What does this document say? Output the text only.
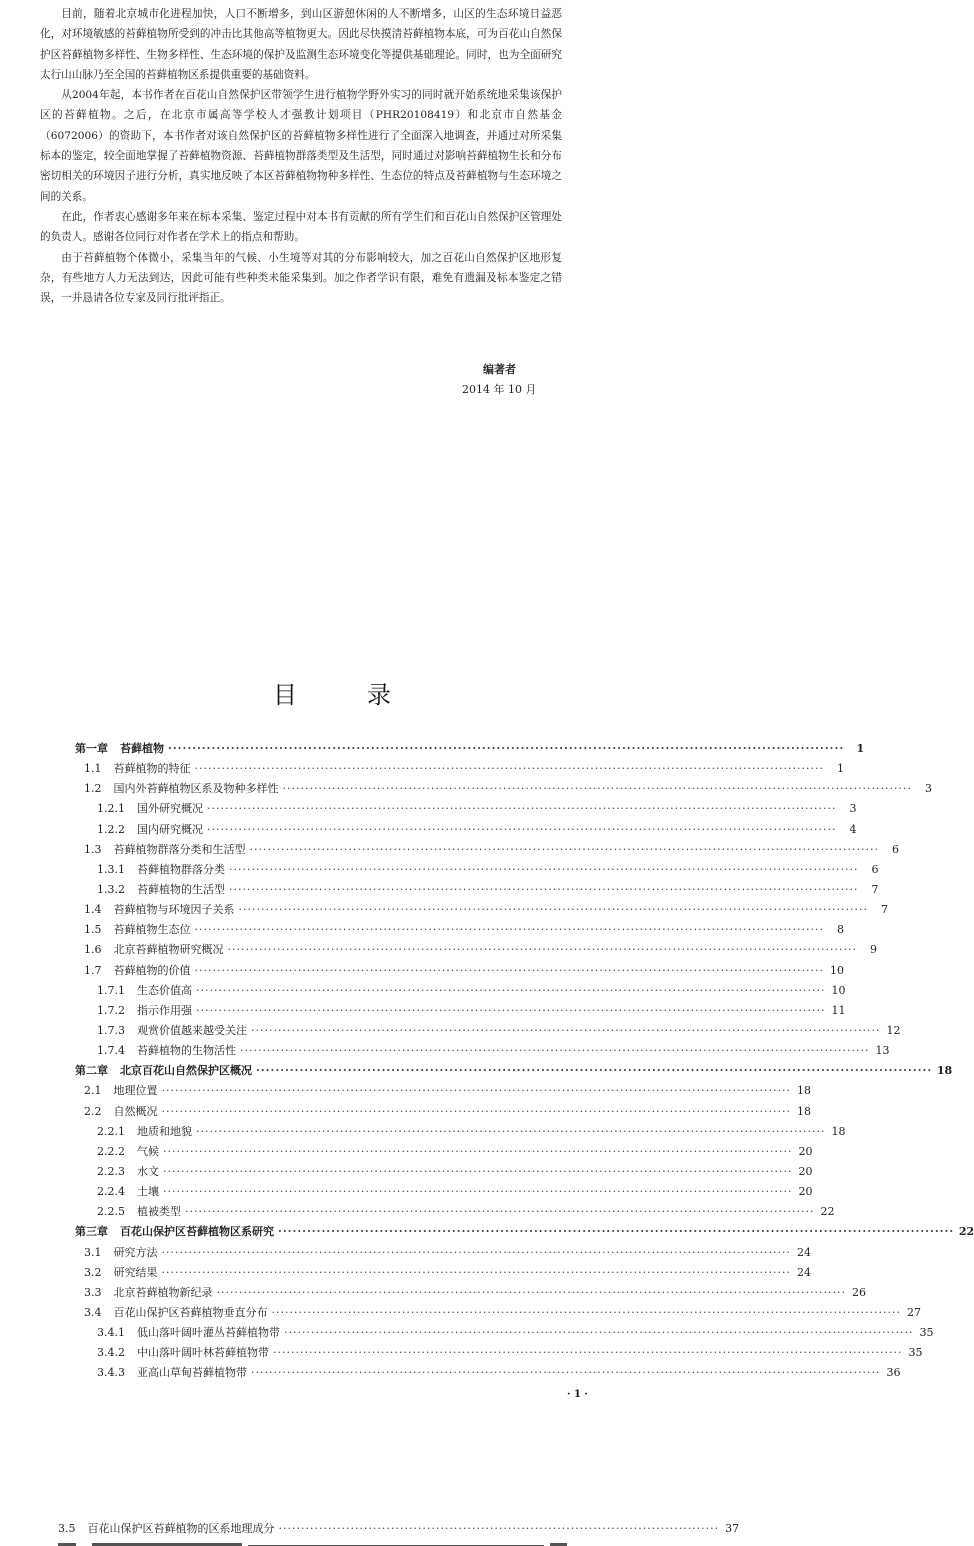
目前，随着北京城市化进程加快，人口不断增多，到山区游憩休闲的人不断增多，山区的生态环境日益恶化，对环境敏感的苔藓植物所受到的冲击比其他高等植物更大。因此尽快摸清苔藓植物本底，可为百花山自然保护区苔藓植物多样性、生物多样性、生态环境的保护及监测生态环境变化等提供基础理论。同时，也为全面研究太行山山脉乃至全国的苔藓植物区系提供重要的基础资料。

从2004年起，本书作者在百花山自然保护区带领学生进行植物学野外实习的同时就开始系统地采集该保护区的苔藓植物。之后，在北京市属高等学校人才强教计划项目（PHR20108419）和北京市自然基金（6072006）的资助下，本书作者对该自然保护区的苔藓植物多样性进行了全面深入地调查，并通过对所采集标本的鉴定，较全面地掌握了苔藓植物资源、苔藓植物群落类型及生活型，同时通过对影响苔藓植物生长和分布密切相关的环境因子进行分析，真实地反映了本区苔藓植物物种多样性、生态位的特点及苔藓植物与生态环境之间的关系。

在此，作者衷心感谢多年来在标本采集、鉴定过程中对本书有贡献的所有学生们和百花山自然保护区管理处的负责人。感谢各位同行对作者在学术上的指点和帮助。

由于苔藓植物个体微小，采集当年的气候、小生境等对其的分布影响较大，加之百花山自然保护区地形复杂，有些地方人力无法到达，因此可能有些种类未能采集到。加之作者学识有限，难免有遗漏及标本鉴定之错误，一并恳请各位专家及同行批评指正。

编著者
2014 年 10 月
目	录
第一章 苔藓植物 ············································································································································	1
1.1 苔藓植物的特征 ············································································································································	1
1.2 国内外苔藓植物区系及物种多样性 ············································································································································	3
1.2.1 国外研究概况 ············································································································································	3
1.2.2 国内研究概况 ············································································································································	4
1.3 苔藓植物群落分类和生活型 ············································································································································	6
1.3.1 苔藓植物群落分类 ············································································································································	6
1.3.2 苔藓植物的生活型 ············································································································································	7
1.4 苔藓植物与环境因子关系 ············································································································································	7
1.5 苔藓植物生态位 ············································································································································	8
1.6 北京苔藓植物研究概况 ············································································································································	9
1.7 苔藓植物的价值 ············································································································································ 10
1.7.1 生态价值高 ············································································································································ 10
1.7.2 指示作用强 ············································································································································ 11
1.7.3 观赏价值越来越受关注 ············································································································································ 12
1.7.4 苔藓植物的生物活性 ············································································································································ 13
第二章 北京百花山自然保护区概况 ············································································································································ 18
2.1 地理位置 ············································································································································ 18
2.2 自然概况 ············································································································································ 18
2.2.1 地质和地貌 ············································································································································ 18
2.2.2 气候 ············································································································································ 20
2.2.3 水文 ············································································································································ 20
2.2.4 土壤 ············································································································································ 20
2.2.5 植被类型 ············································································································································ 22
第三章 百花山保护区苔藓植物区系研究 ············································································································································ 22
3.1 研究方法 ············································································································································ 24
3.2 研究结果 ············································································································································ 24
3.3 北京苔藓植物新纪录 ············································································································································ 26
3.4 百花山保护区苔藓植物垂直分布 ············································································································································ 27
3.4.1 低山落叶阔叶灌丛苔藓植物带 ············································································································································ 35
3.4.2 中山落叶阔叶林苔藓植物带 ············································································································································ 35
3.4.3 亚高山草甸苔藓植物带 ············································································································································ 36
· 1 ·
3.5 百花山保护区苔藓植物的区系地理成分 ·································································································· 37
